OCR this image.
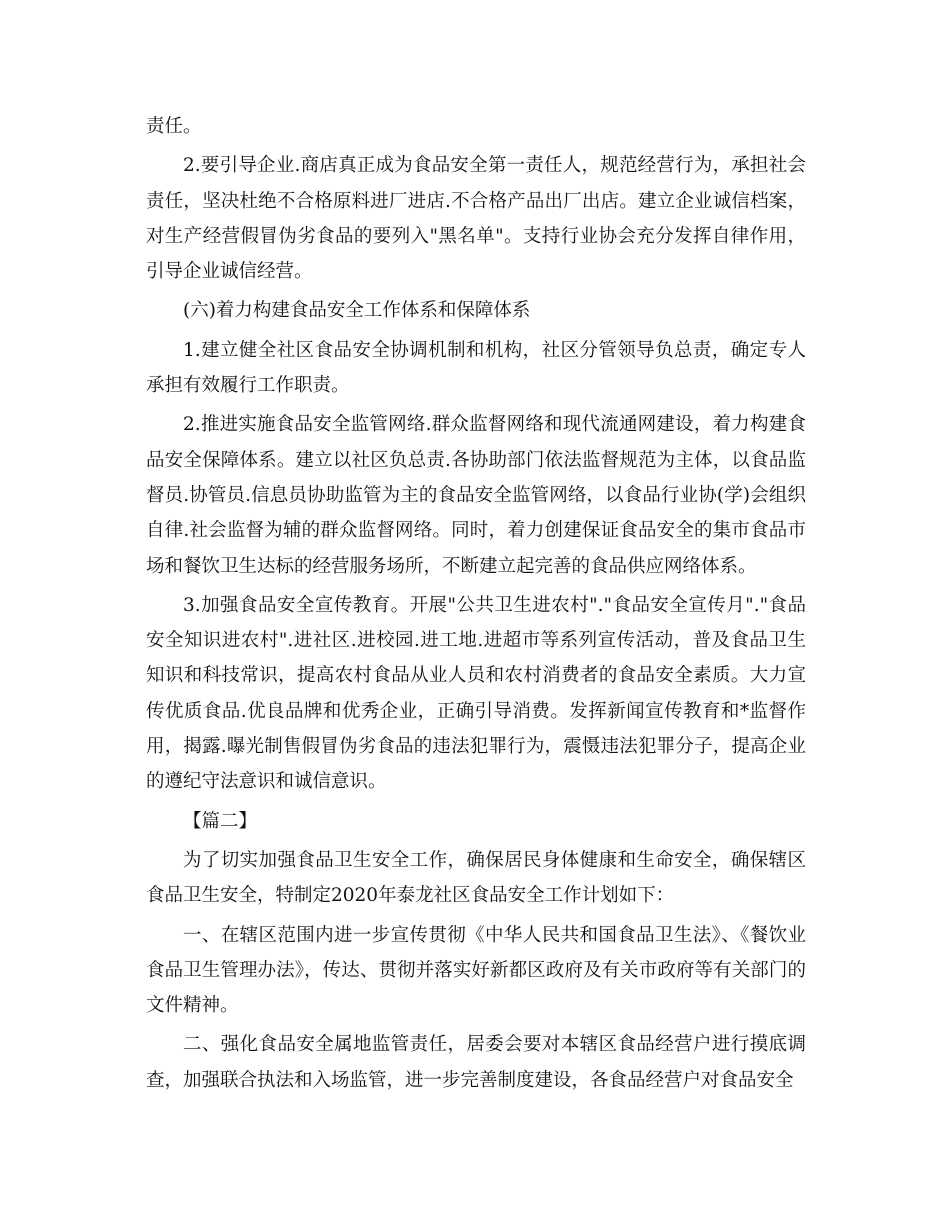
责任。

2.要引导企业.商店真正成为食品安全第一责任人，规范经营行为，承担社会责任，坚决杜绝不合格原料进厂进店.不合格产品出厂出店。建立企业诚信档案，对生产经营假冒伪劣食品的要列入"黑名单"。支持行业协会充分发挥自律作用，引导企业诚信经营。

(六)着力构建食品安全工作体系和保障体系

1.建立健全社区食品安全协调机制和机构，社区分管领导负总责，确定专人承担有效履行工作职责。

2.推进实施食品安全监管网络.群众监督网络和现代流通网建设，着力构建食品安全保障体系。建立以社区负总责.各协助部门依法监督规范为主体，以食品监督员.协管员.信息员协助监管为主的食品安全监管网络，以食品行业协(学)会组织自律.社会监督为辅的群众监督网络。同时，着力创建保证食品安全的集市食品市场和餐饮卫生达标的经营服务场所，不断建立起完善的食品供应网络体系。

3.加强食品安全宣传教育。开展"公共卫生进农村"."食品安全宣传月"."食品安全知识进农村".进社区.进校园.进工地.进超市等系列宣传活动，普及食品卫生知识和科技常识，提高农村食品从业人员和农村消费者的食品安全素质。大力宣传优质食品.优良品牌和优秀企业，正确引导消费。发挥新闻宣传教育和*监督作用，揭露.曝光制售假冒伪劣食品的违法犯罪行为，震慑违法犯罪分子，提高企业的遵纪守法意识和诚信意识。

【篇二】

为了切实加强食品卫生安全工作，确保居民身体健康和生命安全，确保辖区食品卫生安全，特制定2020年泰龙社区食品安全工作计划如下：

一、在辖区范围内进一步宣传贯彻《中华人民共和国食品卫生法》、《餐饮业食品卫生管理办法》，传达、贯彻并落实好新都区政府及有关市政府等有关部门的文件精神。

二、强化食品安全属地监管责任，居委会要对本辖区食品经营户进行摸底调查，加强联合执法和入场监管，进一步完善制度建设，各食品经营户对食品安全
